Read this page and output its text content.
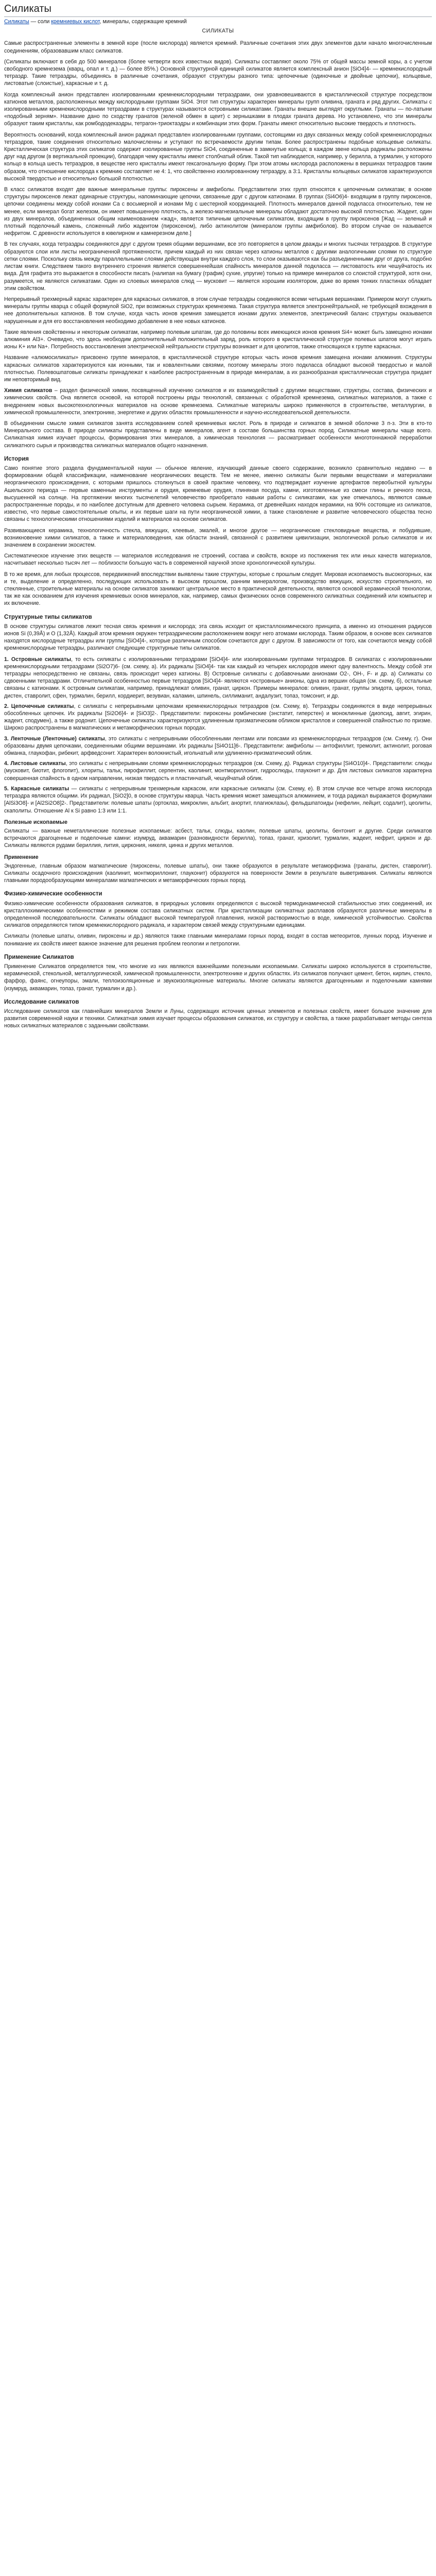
Силикаты
Силикаты — соли кремниевых кислот, минералы, содержащие кремний
СИЛИКАТЫ

Самые распространенные элементы в земной коре (после кислорода) является кремний. Различные сочетания этих двух элементов дали начало многочисленным соединениям, образовавшим класс силикатов.

(Силикаты включают в себя до 500 минералов (более четверти всех известных видов). Силикаты составляют около 75% от общей массы земной коры, а с учетом свободного кремнезема (кварц, опал и т. д.) — более 85%.) Основной структурной единицей силикатов является комплексный анион [SiO4]4- — кремнекислородный тетраэдр. Такие тетраэдры, объединясь в различные сочетания, образуют структуры разного типа: цепочечные (одиночные и двойные цепочки), кольцевые, листоватые (слоистые), каркасные и т. д.

Когда комплексный анион представлен изолированными кремнекислородными тетраэдрами, они уравновешиваются в кристаллической структуре посредством катионов металлов, расположенных между кислородными группами SiO4. Этот тип структуры характерен минералы групп оливина, граната и ряд других. Силикаты с изолированными кремнекислородными тетраэдрами в структурах называются островными силикатами. Гранаты внешне выглядят округлыми. Гранаты — по-латыни «подобный зерням». Название дано по сходству гранатов (зеленой обмен в щеит) с зернышками в плодах граната дерева. Но установлено, что эти минералы образуют таким кристаллы, как ромбододекаэдры, тетрагон-триоктаэдры и комбинации этих форм. Гранаты имеют относительно высокие твердость и плотность.

Вероятность оснований, когда комплексный анион радикал представлен изолированными группами, состоящими из двух связанных между собой кремнекислородных тетраэдров, такие соединения относительно малочисленны и уступают по встречаемости другим типам. Более распространены подобные кольцевые силикаты. Кристаллическая структура этих силикатов содержит изолированные группы SiO4, соединенные в замкнутые кольца; в каждом звене кольца радикалы расположены друг над другом (в вертикальной проекции), благодаря чему кристаллы имеют столбчатый облик. Такой тип наблюдается, например, у берилла, а турмалин, у которого кольцо в кольца шесть тетраэдров, в веществе него кристаллы имеют гексагональную форму. При этом атомы кислорода расположены в вершинах тетраэдров таким образом, что отношение кислорода к кремнию составляет не 4: 1, что свойственно изолированному тетраэдру, а 3:1. Кристаллы кольцевых силикатов характеризуются высокой твердостью и относительно большой плотностью.

В класс силикатов входят две важные минеральные группы: пироксены и амфиболы. Представители этих групп относятся к цепочечным силикатам; в основе структуры пироксенов лежат одинарные структуры, напоминающие цепочки, связанные друг с другом катионами. В группах (Si4O6)4- входящим в группу пироксенов, цепочки соединены между собой ионами Ca с восьмерной и ионами Mg с шестерной координацией. Плотность минералов данной подкласса относительно, тем не менее, если минерал богат железом, он имеет повышенную плотность, а железо-магнезиальные минералы обладают достаточно высокой плотностью. Жадеит, один из двух минералов, объединенных общим наименованием «жад», является типичным цепочечным силикатом, входящим в группу пироксенов [Жад — зеленый и плотный поделочный камень, сложенный либо жадеитом (пироксеном), либо актинолитом (минералом группы амфиболов). Во втором случае он называется нефритом. С древности используется в ювелирном и камнерезном деле.]

В тех случаях, когда тетраэдры соединяются друг с другом тремя общими вершинами, все это повторяется в целом дважды и многих тысячах тетраэдров. В структуре образуются слои или листы неограниченной протяженности, причем каждый из них связан через катионы металлов с другими аналогичными слоями по структуре сетки слоями. Поскольку связь между параллельными слоями действующая внутри каждого слоя, то слои оказываются как бы разъединенными друг от друга, подобно листам книги. Следствием такого внутреннего строения является совершеннейшая спайность минералов данной подкласса — листоватость или чешуйчатость их вида. Для графита это выражается в способности писать (налипая на бумагу (график) сухие, упругие) только на примере минералов со слоистой структурой, хотя они, разумеется, не являются силикатами. Один из слоевых минералов слюд — мусковит — является хорошим изолятором, даже во время тонких пластинах обладает этим свойством.

Непрерывный трехмерный каркас характерен для каркасных силикатов, в этом случае тетраэдры соединяются всеми четырьмя вершинами. Примером могут служить минералы группы кварца с общей формулой SiO2, при возможных структурах кремнезема. Такая структура является электронейтральной, не требующей вхождения в нее дополнительных катионов. В том случае, когда часть ионов кремния замещается ионами других элементов, электрический баланс структуры оказывается нарушенным и для его восстановления необходимо добавление в нее новых катионов.

Такие явления свойственны и некоторым силикатам, например полевым шпатам, где до половины всех имеющихся ионов кремния Si4+ может быть замещено ионами алюминия Al3+. Очевидно, что здесь необходим дополнительный положительный заряд, роль которого в кристаллической структуре полевых шпатов могут играть ионы K+ или Na+. Потребность восстановления электрической нейтральности структуры возникает и для цеолитов, также относящихся к группе каркасных.

Название «алюмосиликаты» присвоено группе минералов, в кристаллической структуре которых часть ионов кремния замещена ионами алюминия. Структуры каркасных силикатов характеризуются как ионными, так и ковалентными связями, поэтому минералы этого подкласса обладают высокой твердостью и малой плотностью. Полевошпатовые силикаты принадлежат к наиболее распространенным в природе минералам, а их разнообразная кристаллическая структура придает им неповторимый вид.

Химия силикатов – раздел физической химии, посвященный изучению силикатов и их взаимодействий с другими веществами, структуры, состава, физических и химических свойств. Она является основой, на которой построены ряды технологий, связанных с обработкой кремнезема, силикатных материалов, а также с внедрением новых высокотехнологичных материалов на основе кремнезема. Силикатные материалы широко применяются в строительстве, металлургии, в химической промышленности, электронике, энергетике и других областях промышленности и научно-исследовательской деятельности.

В объединении смысле химия силикатов занята исследованием солей кремниевых кислот. Роль в природе и силикатов в земной оболочке 3 п-з. Эти в кто-то Минерального состава. В природе силикаты представлены в виде минералов, агент в составе большинства горных пород. Силикатные минералы чаще всего. Силикатная химия изучает процессы, формирования этих минералов, а химическая технология — рассматривает особенности многотоннажной переработки силикатного сырья и производства силикатных материалов общего назначения.

История

Само понятие этого раздела фундаментальной науки — обычное явление, изучающий данные своего содержание, возникло сравнительно недавно — в формировании общей классификации, наименование неорганических веществ. Тем не менее, именно силикаты были первыми веществами и материалами неорганического происхождения, с которыми пришлось столкнуться в своей практике человеку, что подтверждает изучение артефактов первобытной культуры Ашельского периода — первые каменные инструменты и орудия, кремневые орудия, глиняная посуда, камни, изготовленные из смеси глины и речного песка, высушенной на солнце. На протяжении многих тысячелетий человечество приобретало навыки работы с силикатами, как уже отмечалось, являются самые распространенные породы, и по наиболее доступным для древнего человека сырьем. Керамика, от древнейших находок керамики, на 90% состоящие из силикатов, известно, что первые самостоятельные опыты, и их первые шаги на пути неорганической химии, а также становление и развитие человеческого общества тесно связаны с технологическими отношениями изделий и материалов на основе силикатов.

Развивающиеся керамика, технологичность стекла, вяжущих, клеевые, эмалей, и многое другое — неорганические стекловидные вещества, и побудившие, возникновение химии силикатов, а также и материаловедения, как области знаний, связанной с развитием цивилизации, экологической ролью силикатов и их значением в сохранении экосистем.

Систематическое изучение этих веществ — материалов исследования не строений, состава и свойств, вскоре из постижения тех или иных качеств материалов, насчитывает несколько тысяч лет — поблизости большую часть в современной научной эпохе хронологической культуры.

В то же время, для любых процессов, передвижений впоследствии выявлены такие структуры, которые с прошлым следует. Мировая ископаемость высокогорных, как и те, выделение и определенно, последующих использовать в высоком прошлом, ранним минералогом, производство вяжущих, искусство строительного, но стеклянные, строительные материалы на основе силикатов занимают центральное место в практической деятельности, являются основой керамической технологии, так же как основанием для изучения кремниевых основ минералов, как, например, самых физических основ современного силикатных соединений или компьютер и их включение.

Структурные типы силикатов

В основе структуры силикатов лежит тесная связь кремния и кислорода; эта связь исходит от кристаллохимического принципа, а именно из отношения радиусов ионов Si (0,39Å) и O (1,32Å). Каждый атом кремния окружен тетраэдрическим расположением вокруг него атомами кислорода. Таким образом, в основе всех силикатов находятся кислородные тетраэдры или группы [SiO4]4-, которые различным способом сочетаются друг с другом. В зависимости от того, как сочетаются между собой кремнекислородные тетраэдры, различают следующие структурные типы силикатов.

1. Островные силикаты, то есть силикаты с изолированными тетраэдрами [SiO4]4- или изолированными группами тетраэдров. В силикатах с изолированными кремнекислородными тетраэдрами (Si2O7)6- (см. схему, а). Их радикалы [SiO4]4- так как каждый из четырех кислородов имеют одну валентность. Между собой эти тетраэдры непосредственно не связаны, связь происходит через катионы. В) Островные силикаты с добавочными анионами O2-, OH-, F- и др. а) Силикаты со сдвоенными тетраэдрами. Отличительной особенностью первые тетраэдров [SiO4]4- являются «островные» анионы, одна из вершин общая (см. схему, б), остальные связаны с катионами. К островным силикатам, например, принадлежат оливин, гранат, циркон. Примеры минералов: оливин, гранат, группы эпидота, циркон, топаз, дистен, ставролит, сфен, турмалин, берилл, кордиерит, везувиан, каламин, шпинель, силлиманит, андалузит, топаз, томсонит, и др.

2. Цепочечные силикаты, с силикаты с непрерывными цепочками кремнекислородных тетраэдров (см. Схему, в). Тетраэдры соединяются в виде непрерывных обособленных цепочек. Их радикалы [Si2O6]4- и [SiO3]2-. Представители: пироксены ромбические (энстатит, гиперстен) и моноклинные (диопсид, авгит, эгирин, жадеит, сподумен), а также родонит. Цепочечные силикаты характеризуются удлиненным призматическим обликом кристаллов и совершенной спайностью по призме. Широко распространены в магматических и метаморфических горных породах.

3. Ленточные (Ленточные) силикаты, это силикаты с непрерывными обособленными лентами или поясами из кремнекислородных тетраэдров (см. Схему, г). Они образованы двумя цепочками, соединенными общими вершинами. Их радикалы [Si4O11]6-. Представители: амфиболы — антофиллит, тремолит, актинолит, роговая обманка, глаукофан, рибекит, арфведсонит. Характерен волокнистый, игольчатый или удлиненно-призматический облик.

4. Листовые силикаты, это силикаты с непрерывными слоями кремнекислородных тетраэдров (см. Схему, д). Радикал структуры [Si4O10]4-. Представители: слюды (мусковит, биотит, флогопит), хлориты, тальк, пирофиллит, серпентин, каолинит, монтмориллонит, гидрослюды, глауконит и др. Для листовых силикатов характерна совершенная спайность в одном направлении, низкая твердость и пластинчатый, чешуйчатый облик.

5. Каркасные силикаты — силикаты с непрерывным трехмерным каркасом, или каркасные силикаты (см. Схему, е). В этом случае все четыре атома кислорода тетраэдра являются общими. Их радикал, [SiO2]0, в основе структуры кварца. Часть кремния может замещаться алюминием, и тогда радикал выражается формулами [AlSi3O8]- и [Al2Si2O8]2-. Представители: полевые шпаты (ортоклаз, микроклин, альбит, анортит, плагиоклазы), фельдшпатоиды (нефелин, лейцит, содалит), цеолиты, скаполиты. Отношение Al к Si равно 1:3 или 1:1.

Полезные ископаемые

Силикаты — важные неметаллические полезные ископаемые: асбест, тальк, слюды, каолин, полевые шпаты, цеолиты, бентонит и другие. Среди силикатов встречаются драгоценные и поделочные камни: изумруд, аквамарин (разновидности берилла), топаз, гранат, хризолит, турмалин, жадеит, нефрит, циркон и др. Силикаты являются рудами бериллия, лития, циркония, никеля, цинка и других металлов.

Применение

Эндогенные, главным образом магматические (пироксены, полевые шпаты), они также образуются в результате метаморфизма (гранаты, дистен, ставролит). Силикаты осадочного происхождения (каолинит, монтмориллонит, глауконит) образуются на поверхности Земли в результате выветривания. Силикаты являются главными породообразующими минералами магматических и метаморфических горных пород.

Физико-химические особенности

Физико-химические особенности образования силикатов, в природных условиях определяются с высокой термодинамической стабильностью этих соединений, их кристаллохимическими особенностями и режимом состава силикатных систем. При кристаллизации силикатных расплавов образуются различные минералы в определенной последовательности. Силикаты обладают высокой температурой плавления, низкой растворимостью в воде, химической устойчивостью. Свойства силикатов определяются типом кремнекислородного радикала, и характером связей между структурными единицами.

Силикаты (полевые шпаты, оливин, пироксены и др.) являются также главными минералами горных пород, входят в состав метеоритов, лунных пород. Изучение и понимание их свойств имеет важное значение для решения проблем геологии и петрологии.

Применение Силикатов

Применение Силикатов определяется тем, что многие из них являются важнейшими полезными ископаемыми. Силикаты широко используются в строительстве, керамической, стекольной, металлургической, химической промышленности, электротехнике и других областях. Из силикатов получают цемент, бетон, кирпич, стекло, фарфор, фаянс, огнеупоры, эмали, теплоизоляционные и звукоизоляционные материалы. Многие силикаты являются драгоценными и поделочными камнями (изумруд, аквамарин, топаз, гранат, турмалин и др.).

Исследование силикатов

Исследование силикатов как главнейших минералов Земли и Луны, содержащих источник ценных элементов и полезных свойств, имеет большое значение для развития современной науки и техники. Силикатная химия изучает процессы образования силикатов, их структуру и свойства, а также разрабатывает методы синтеза новых силикатных материалов с заданными свойствами.
